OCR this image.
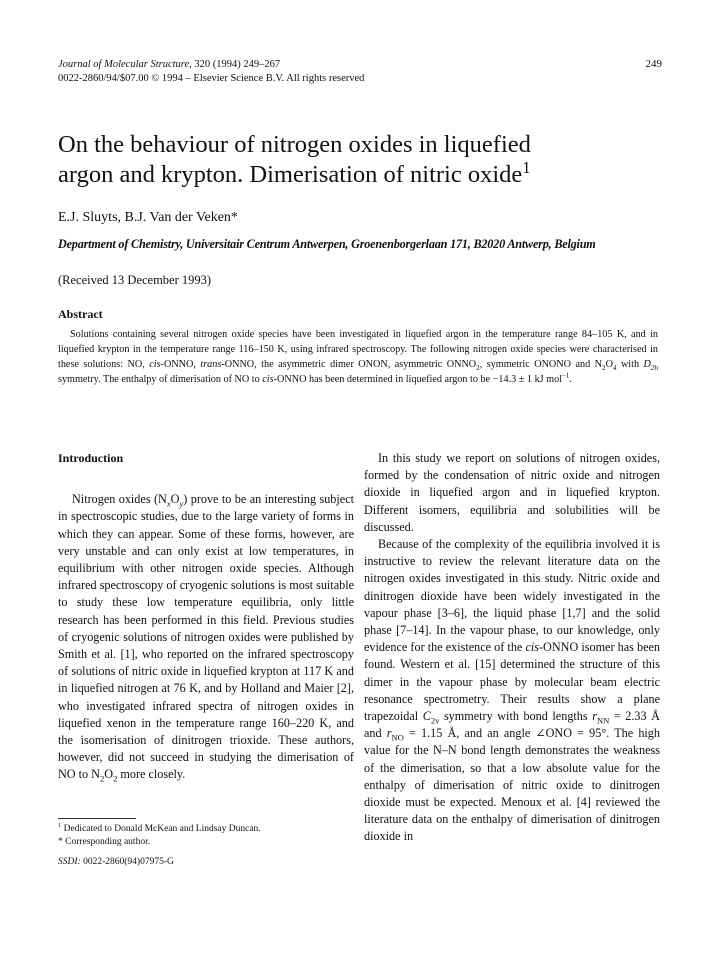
Journal of Molecular Structure, 320 (1994) 249–267
0022-2860/94/$07.00 © 1994 – Elsevier Science B.V. All rights reserved
249
On the behaviour of nitrogen oxides in liquefied
argon and krypton. Dimerisation of nitric oxide$^1$
E.J. Sluyts, B.J. Van der Veken*
Department of Chemistry, Universitair Centrum Antwerpen, Groenenborgerlaan 171, B2020 Antwerp, Belgium
(Received 13 December 1993)
Abstract
Solutions containing several nitrogen oxide species have been investigated in liquefied argon in the temperature range 84–105 K, and in liquefied krypton in the temperature range 116–150 K, using infrared spectroscopy. The following nitrogen oxide species were characterised in these solutions: NO, cis-ONNO, trans-ONNO, the asymmetric dimer ONON, asymmetric $ONNO_2$, symmetric ONONO and $N_2O_4$ with $D_{2h}$ symmetry. The enthalpy of dimerisation of NO to cis-ONNO has been determined in liquefied argon to be −14.3 ± 1 kJ mol$^{-1}$.
Introduction

Nitrogen oxides $(N_xO_y)$ prove to be an interesting subject in spectroscopic studies, due to the large variety of forms in which they can appear. Some of these forms, however, are very unstable and can only exist at low temperatures, in equilibrium with other nitrogen oxide species. Although infrared spectroscopy of cryogenic solutions is most suitable to study these low temperature equilibria, only little research has been performed in this field. Previous studies of cryogenic solutions of nitrogen oxides were published by Smith et al. [1], who reported on the infrared spectroscopy of solutions of nitric oxide in liquefied krypton at 117 K and in liquefied nitrogen at 76 K, and by Holland and Maier [2], who investigated infrared spectra of nitrogen oxides in liquefied xenon in the temperature range 160–220 K, and the isomerisation of dinitrogen trioxide. These authors, however, did not succeed in studying the dimerisation of NO to $N_2O_2$ more closely.

In this study we report on solutions of nitrogen oxides, formed by the condensation of nitric oxide and nitrogen dioxide in liquefied argon and in liquefied krypton. Different isomers, equilibria and solubilities will be discussed.

Because of the complexity of the equilibria involved it is instructive to review the relevant literature data on the nitrogen oxides investigated in this study. Nitric oxide and dinitrogen dioxide have been widely investigated in the vapour phase [3–6], the liquid phase [1,7] and the solid phase [7–14]. In the vapour phase, to our knowledge, only evidence for the existence of the cis-ONNO isomer has been found. Western et al. [15] determined the structure of this dimer in the vapour phase by molecular beam electric resonance spectrometry. Their results show a plane trapezoidal $C_{2v}$ symmetry with bond lengths $r_{NN} = 2.33$ Å and $r_{NO} = 1.15$ Å, and an angle ∠ONO = 95°. The high value for the N–N bond length demonstrates the weakness of the dimerisation, so that a low absolute value for the enthalpy of dimerisation of nitric oxide to dinitrogen dioxide must be expected. Menoux et al. [4] reviewed the literature data on the enthalpy of dimerisation of dinitrogen dioxide in

$^1$ Dedicated to Donald McKean and Lindsay Duncan.
* Corresponding author.
SSDI: 0022-2860(94)07975-G
